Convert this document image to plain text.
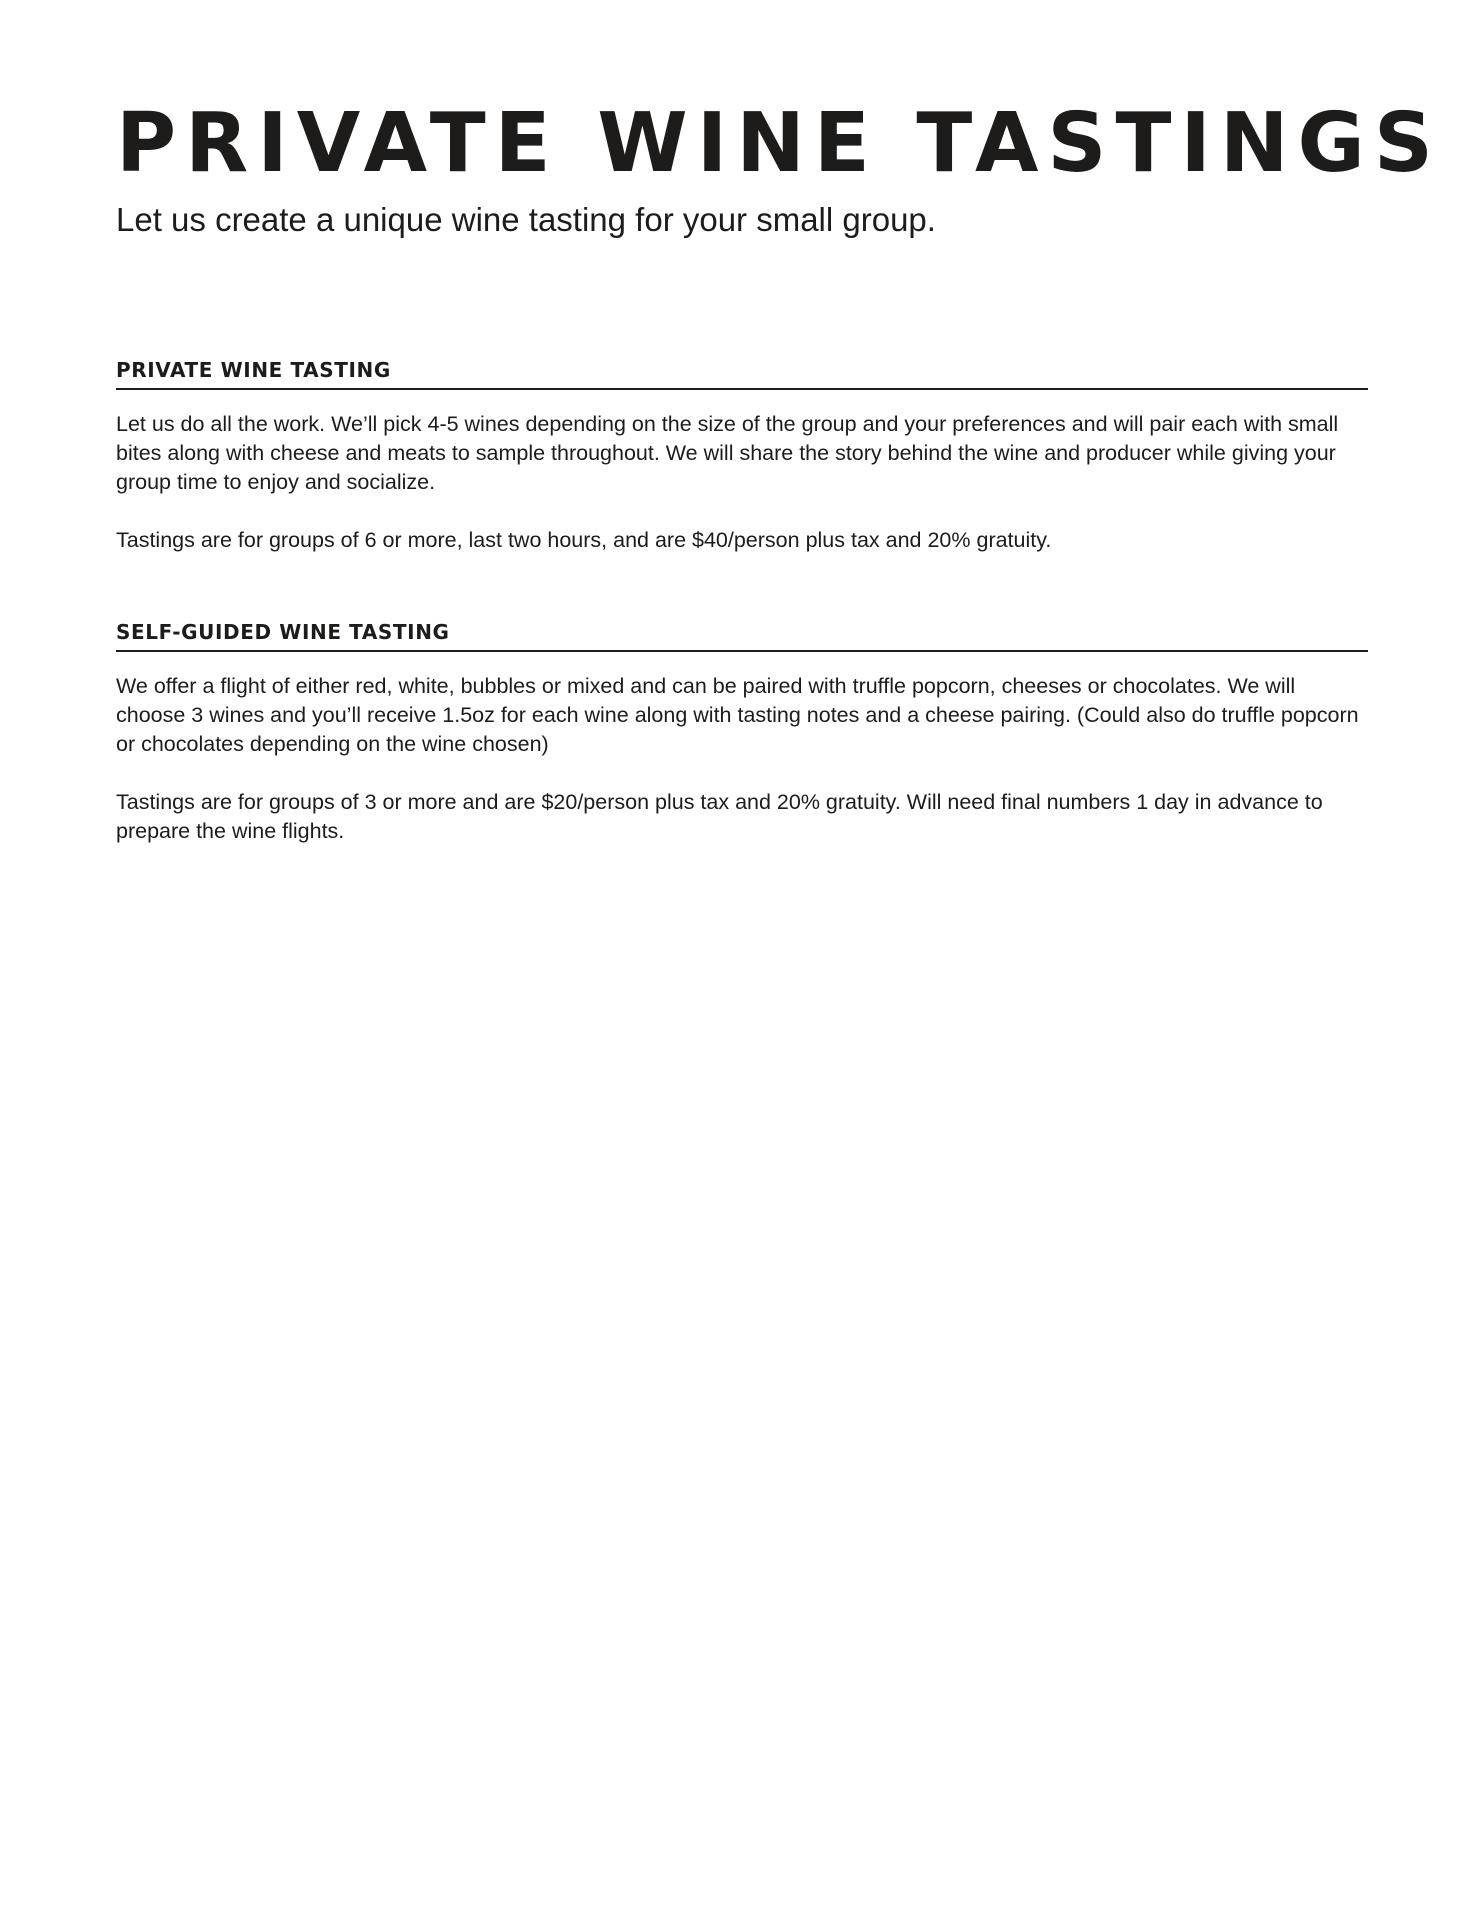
PRIVATE WINE TASTINGS

Let us create a unique wine tasting for your small group.

PRIVATE WINE TASTING

Let us do all the work. We’ll pick 4-5 wines depending on the size of the group and your preferences and will pair each with small bites along with cheese and meats to sample throughout. We will share the story behind the wine and producer while giving your group time to enjoy and socialize.

Tastings are for groups of 6 or more, last two hours, and are $40/person plus tax and 20% gratuity.

SELF-GUIDED WINE TASTING

We offer a flight of either red, white, bubbles or mixed and can be paired with truffle popcorn, cheeses or chocolates. We will choose 3 wines and you’ll receive 1.5oz for each wine along with tasting notes and a cheese pairing. (Could also do truffle popcorn or chocolates depending on the wine chosen)

Tastings are for groups of 3 or more and are $20/person plus tax and 20% gratuity. Will need final numbers 1 day in advance to prepare the wine flights.
